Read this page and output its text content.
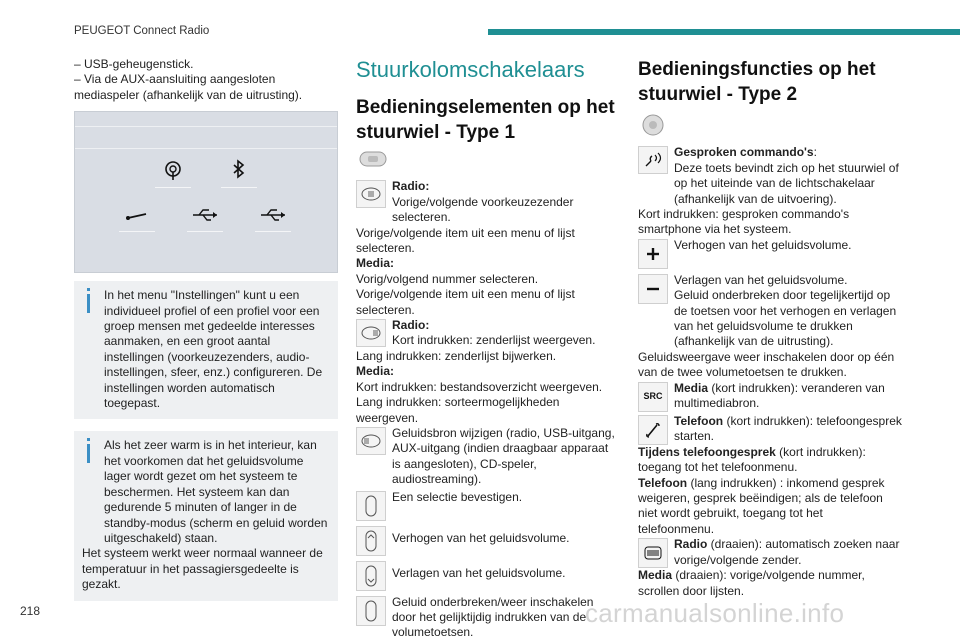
PEUGEOT Connect Radio
218	carmanualsonline.info

– USB-geheugenstick.

– Via de AUX-aansluiting aangesloten mediaspeler (afhankelijk van de uitrusting).

In het menu "Instellingen" kunt u een individueel profiel of een profiel voor een groep mensen met gedeelde interesses aanmaken, en een groot aantal instellingen (voorkeuzezenders, audio-instellingen, sfeer, enz.) configureren. De instellingen worden automatisch toegepast.

Als het zeer warm is in het interieur, kan het voorkomen dat het geluidsvolume lager wordt gezet om het systeem te beschermen. Het systeem kan dan gedurende 5 minuten of langer in de standby-modus (scherm en geluid worden uitgeschakeld) staan.

Het systeem werkt weer normaal wanneer de temperatuur in het passagiersgedeelte is gezakt.

Stuurkolomschakelaars
Bedieningselementen op het stuurwiel - Type 1
Radio:
Vorige/volgende voorkeuzezender selecteren.

Vorige/volgende item uit een menu of lijst selecteren.

Media:

Vorig/volgend nummer selecteren.

Vorige/volgende item uit een menu of lijst selecteren.

Radio:
Kort indrukken: zenderlijst weergeven.

Lang indrukken: zenderlijst bijwerken.

Media:

Kort indrukken: bestandsoverzicht weergeven.

Lang indrukken: sorteermogelijkheden weergeven.

Geluidsbron wijzigen (radio, USB-uitgang, AUX-uitgang (indien draagbaar apparaat is aangesloten), CD-speler, audiostreaming).
Een selectie bevestigen.
Verhogen van het geluidsvolume.
Verlagen van het geluidsvolume.
Geluid onderbreken/weer inschakelen door het gelijktijdig indrukken van de volumetoetsen.
Bedieningsfuncties op het stuurwiel - Type 2
Gesproken commando's:
Deze toets bevindt zich op het stuurwiel of op het uiteinde van de lichtschakelaar (afhankelijk van de uitvoering).

Kort indrukken: gesproken commando's smartphone via het systeem.

Verhogen van het geluidsvolume.
Verlagen van het geluidsvolume.
Geluid onderbreken door tegelijkertijd op de toetsen voor het verhogen en verlagen van het geluidsvolume te drukken (afhankelijk van de uitrusting).

Geluidsweergave weer inschakelen door op één van de twee volumetoetsen te drukken.

SRC
Media (kort indrukken): veranderen van multimediabron.
Telefoon (kort indrukken): telefoongesprek starten.

Tijdens telefoongesprek (kort indrukken): toegang tot het telefoonmenu.

Telefoon (lang indrukken) : inkomend gesprek weigeren, gesprek beëindigen; als de telefoon niet wordt gebruikt, toegang tot het telefoonmenu.

Radio (draaien): automatisch zoeken naar vorige/volgende zender.

Media (draaien): vorige/volgende nummer, scrollen door lijsten.
